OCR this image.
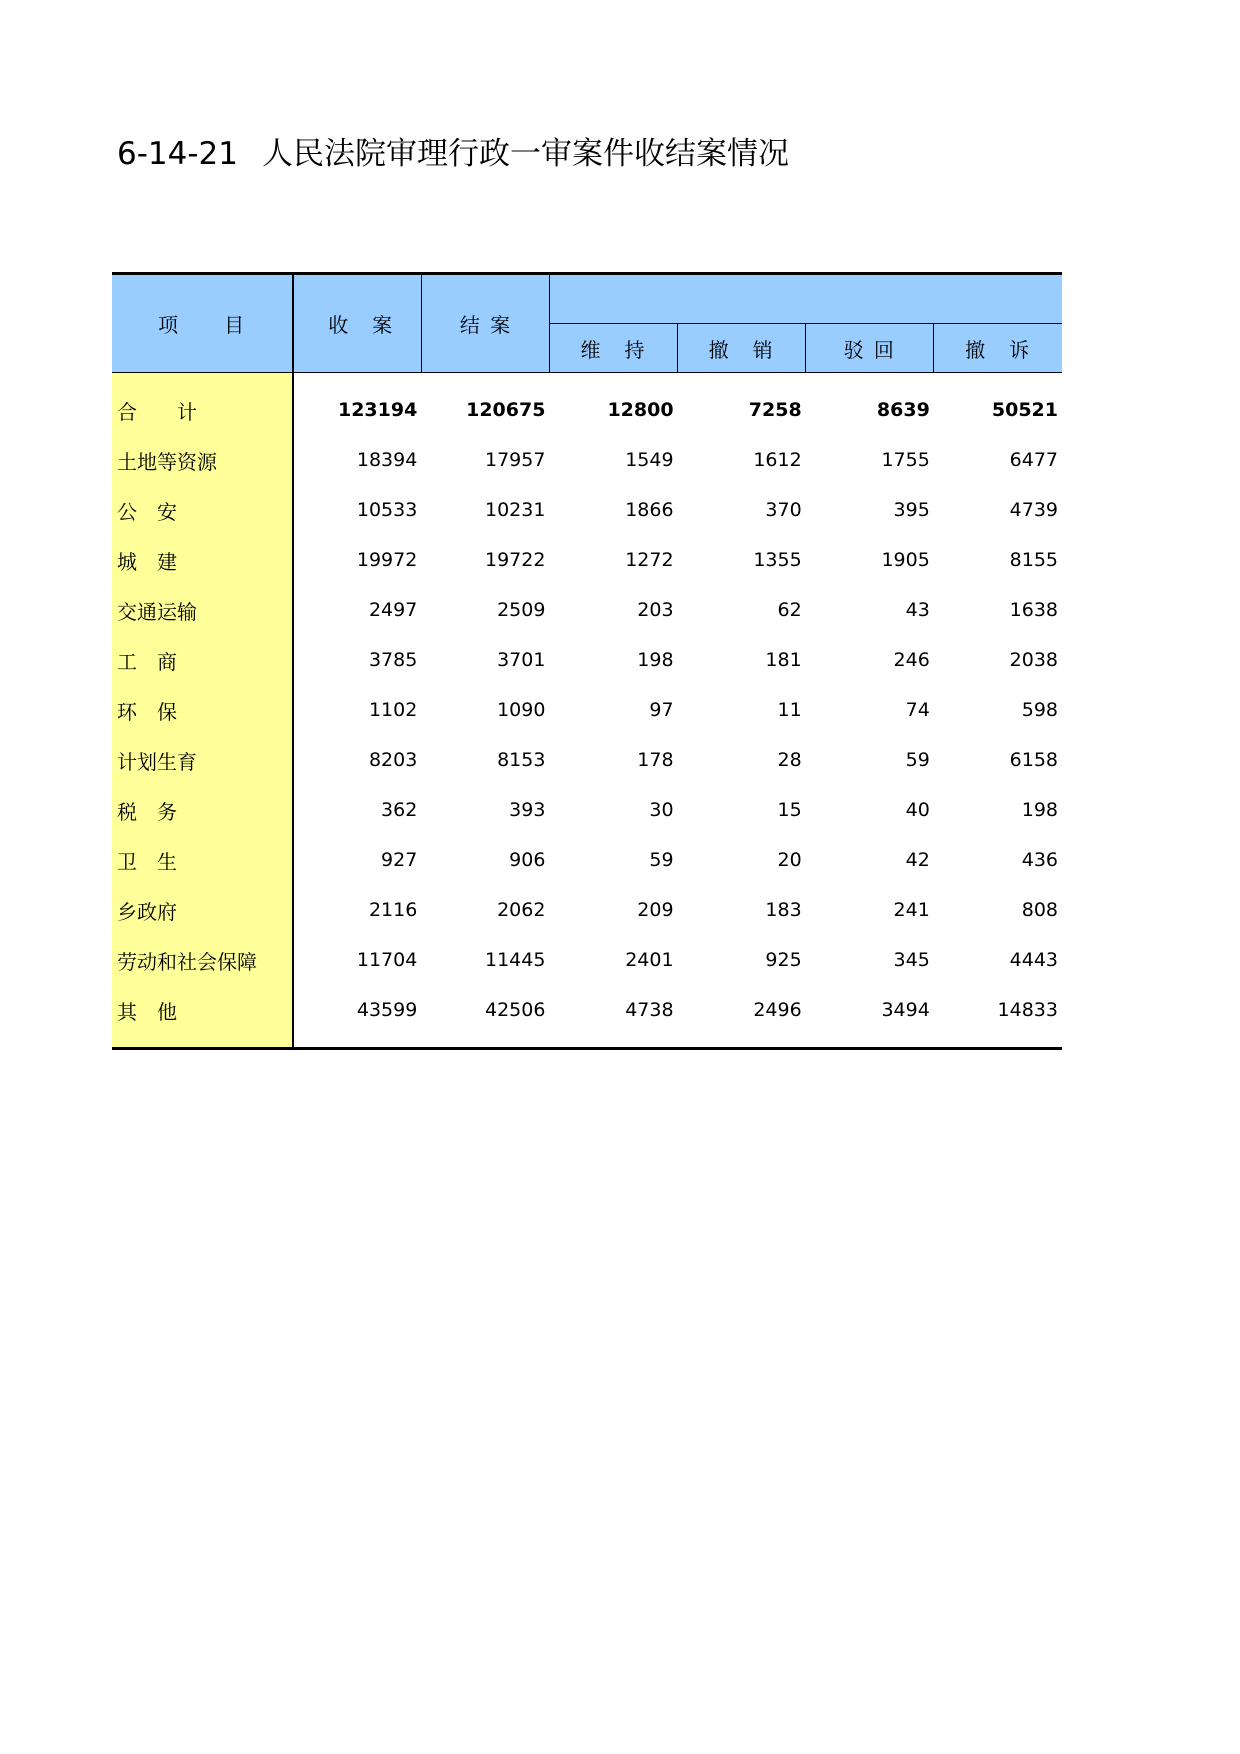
6-14-21 人民法院审理行政一审案件收结案情况
项　　目	收　案	结 案				
			维　持	撤　销	驳 回	撤　诉
合　　计	123194	120675	12800	7258	8639	50521
土地等资源	18394	17957	1549	1612	1755	6477
公　安	10533	10231	1866	370	395	4739
城　建	19972	19722	1272	1355	1905	8155
交通运输	2497	2509	203	62	43	1638
工　商	3785	3701	198	181	246	2038
环　保	1102	1090	97	11	74	598
计划生育	8203	8153	178	28	59	6158
税　务	362	393	30	15	40	198
卫　生	927	906	59	20	42	436
乡政府	2116	2062	209	183	241	808
劳动和社会保障	11704	11445	2401	925	345	4443
其　他	43599	42506	4738	2496	3494	14833
